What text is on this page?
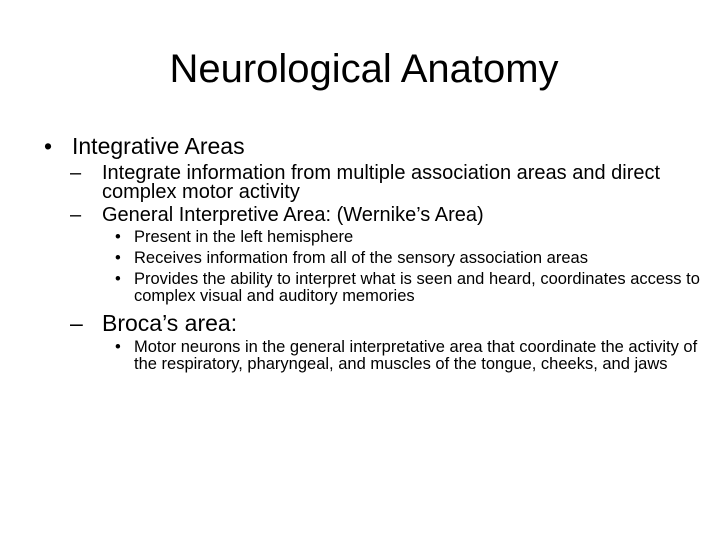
Neurological Anatomy
• Integrative Areas
– Integrate information from multiple association areas and direct complex motor activity
– General Interpretive Area: (Wernike’s Area)
• Present in the left hemisphere
• Receives information from all of the sensory association areas
• Provides the ability to interpret what is seen and heard, coordinates access to complex visual and auditory memories
– Broca’s area:
• Motor neurons in the general interpretative area that coordinate the activity of the respiratory, pharyngeal, and muscles of the tongue, cheeks, and jaws
